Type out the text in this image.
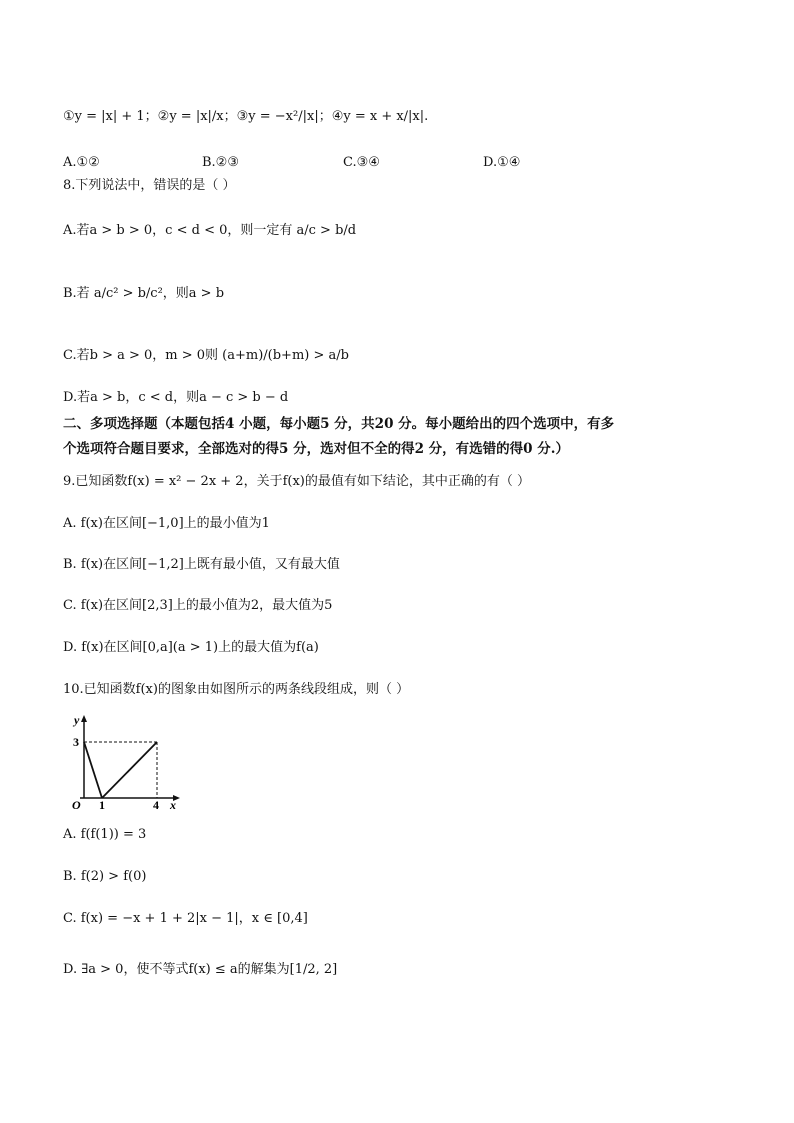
①y = |x| + 1；②y = |x|/x；③y = −x²/|x|；④y = x + x/|x|.
A.①②	B.②③	C.③④	D.①④
8.下列说法中，错误的是（ ）
A.若a > b > 0，c < d < 0，则一定有 a/c > b/d
B.若 a/c² > b/c²，则a > b
C.若b > a > 0，m > 0则 (a+m)/(b+m) > a/b
D.若a > b，c < d，则a − c > b − d
二、多项选择题（本题包括4 小题，每小题5 分，共20 分。每小题给出的四个选项中，有多
个选项符合题目要求，全部选对的得5 分，选对但不全的得2 分，有选错的得0 分.）
9.已知函数f(x) = x² − 2x + 2，关于f(x)的最值有如下结论，其中正确的有（ ）
A. f(x)在区间[−1,0]上的最小值为1
B. f(x)在区间[−1,2]上既有最小值，又有最大值
C. f(x)在区间[2,3]上的最小值为2，最大值为5
D. f(x)在区间[0,a](a > 1)上的最大值为f(a)
10.已知函数f(x)的图象由如图所示的两条线段组成，则（ ）
y
3
O 1	4 x
A. f(f(1)) = 3
B. f(2) > f(0)
C. f(x) = −x + 1 + 2|x − 1|，x ∈ [0,4]
D. ∃a > 0，使不等式f(x) ≤ a的解集为[1/2, 2]
